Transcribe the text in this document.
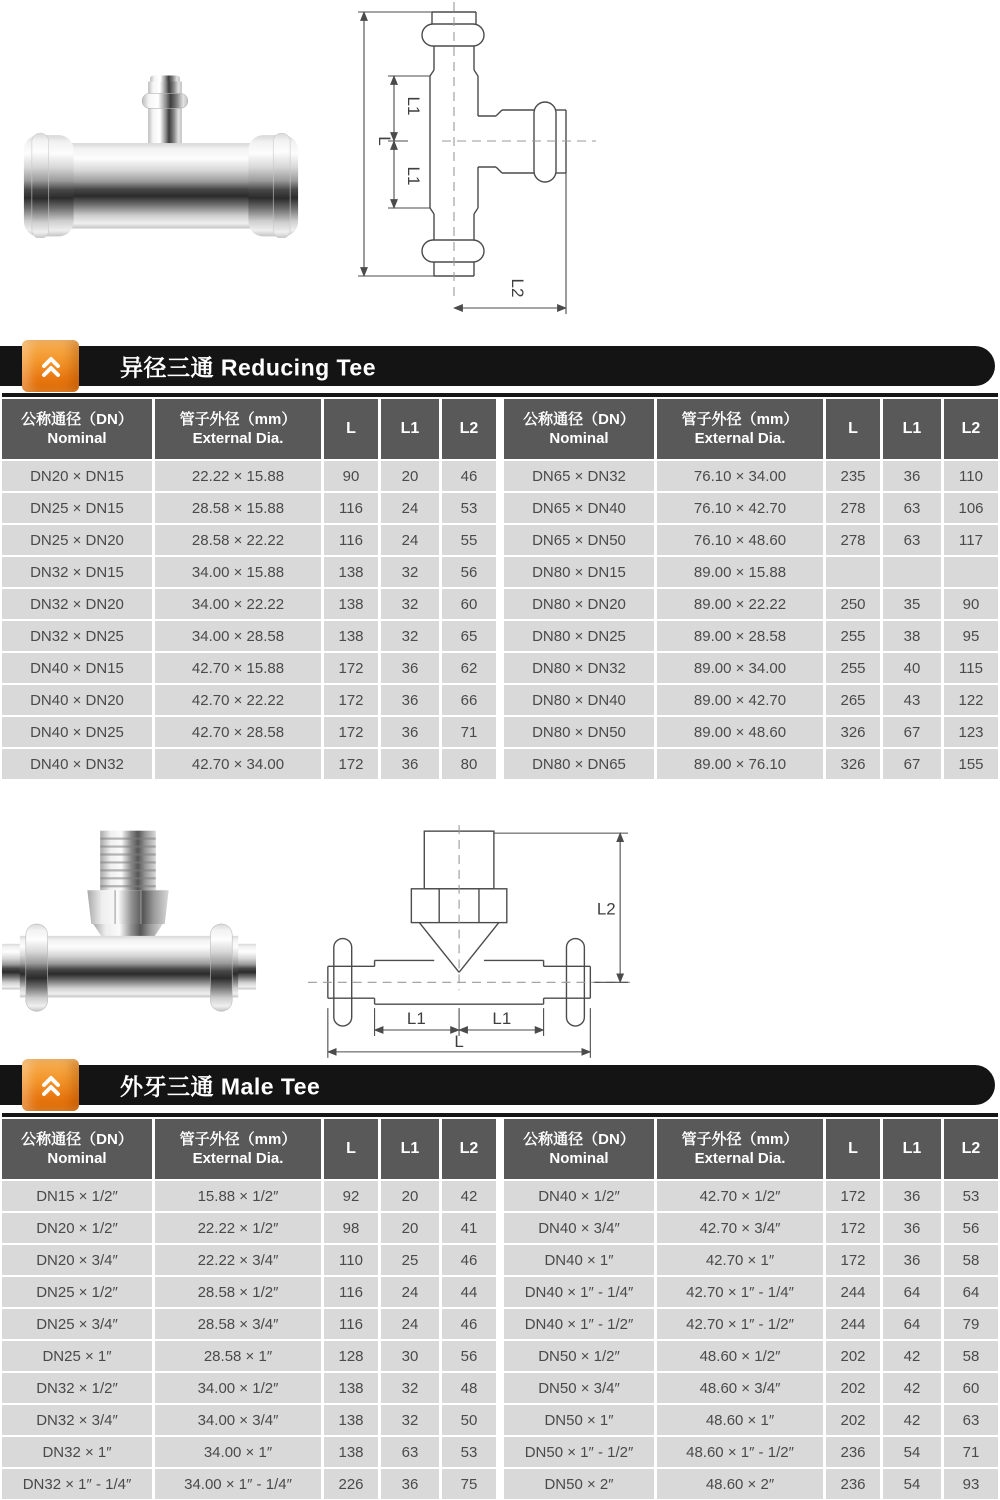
L1
L
L1
L2
异径三通 Reducing Tee
公称通径（DN）
Nominal
管子外径（mm）
External Dia.
L	L1	L2
DN20 × DN15	22.22 × 15.88	90	20	46
DN25 × DN15	28.58 × 15.88	116	24	53
DN25 × DN20	28.58 × 22.22	116	24	55
DN32 × DN15	34.00 × 15.88	138	32	56
DN32 × DN20	34.00 × 22.22	138	32	60
DN32 × DN25	34.00 × 28.58	138	32	65
DN40 × DN15	42.70 × 15.88	172	36	62
DN40 × DN20	42.70 × 22.22	172	36	66
DN40 × DN25	42.70 × 28.58	172	36	71
DN40 × DN32	42.70 × 34.00	172	36	80
公称通径（DN）
Nominal
管子外径（mm）
External Dia.
L	L1	L2
DN65 × DN32	76.10 × 34.00	235	36	110
DN65 × DN40	76.10 × 42.70	278	63	106
DN65 × DN50	76.10 × 48.60	278	63	117
DN80 × DN15	89.00 × 15.88
DN80 × DN20	89.00 × 22.22	250	35	90
DN80 × DN25	89.00 × 28.58	255	38	95
DN80 × DN32	89.00 × 34.00	255	40	115
DN80 × DN40	89.00 × 42.70	265	43	122
DN80 × DN50	89.00 × 48.60	326	67	123
DN80 × DN65	89.00 × 76.10	326	67	155
L2
L1	L1
L
外牙三通 Male Tee
公称通径（DN）
Nominal
管子外径（mm）
External Dia.
L	L1	L2
DN15 × 1/2″	15.88 × 1/2″	92	20	42
DN20 × 1/2″	22.22 × 1/2″	98	20	41
DN20 × 3/4″	22.22 × 3/4″	110	25	46
DN25 × 1/2″	28.58 × 1/2″	116	24	44
DN25 × 3/4″	28.58 × 3/4″	116	24	46
DN25 × 1″	28.58 × 1″	128	30	56
DN32 × 1/2″	34.00 × 1/2″	138	32	48
DN32 × 3/4″	34.00 × 3/4″	138	32	50
DN32 × 1″	34.00 × 1″	138	63	53
DN32 × 1″ - 1/4″	34.00 × 1″ - 1/4″	226	36	75
公称通径（DN）
Nominal
管子外径（mm）
External Dia.
L	L1	L2
DN40 × 1/2″	42.70 × 1/2″	172	36	53
DN40 × 3/4″	42.70 × 3/4″	172	36	56
DN40 × 1″	42.70 × 1″	172	36	58
DN40 × 1″ - 1/4″	42.70 × 1″ - 1/4″	244	64	64
DN40 × 1″ - 1/2″	42.70 × 1″ - 1/2″	244	64	79
DN50 × 1/2″	48.60 × 1/2″	202	42	58
DN50 × 3/4″	48.60 × 3/4″	202	42	60
DN50 × 1″	48.60 × 1″	202	42	63
DN50 × 1″ - 1/2″	48.60 × 1″ - 1/2″	236	54	71
DN50 × 2″	48.60 × 2″	236	54	93
